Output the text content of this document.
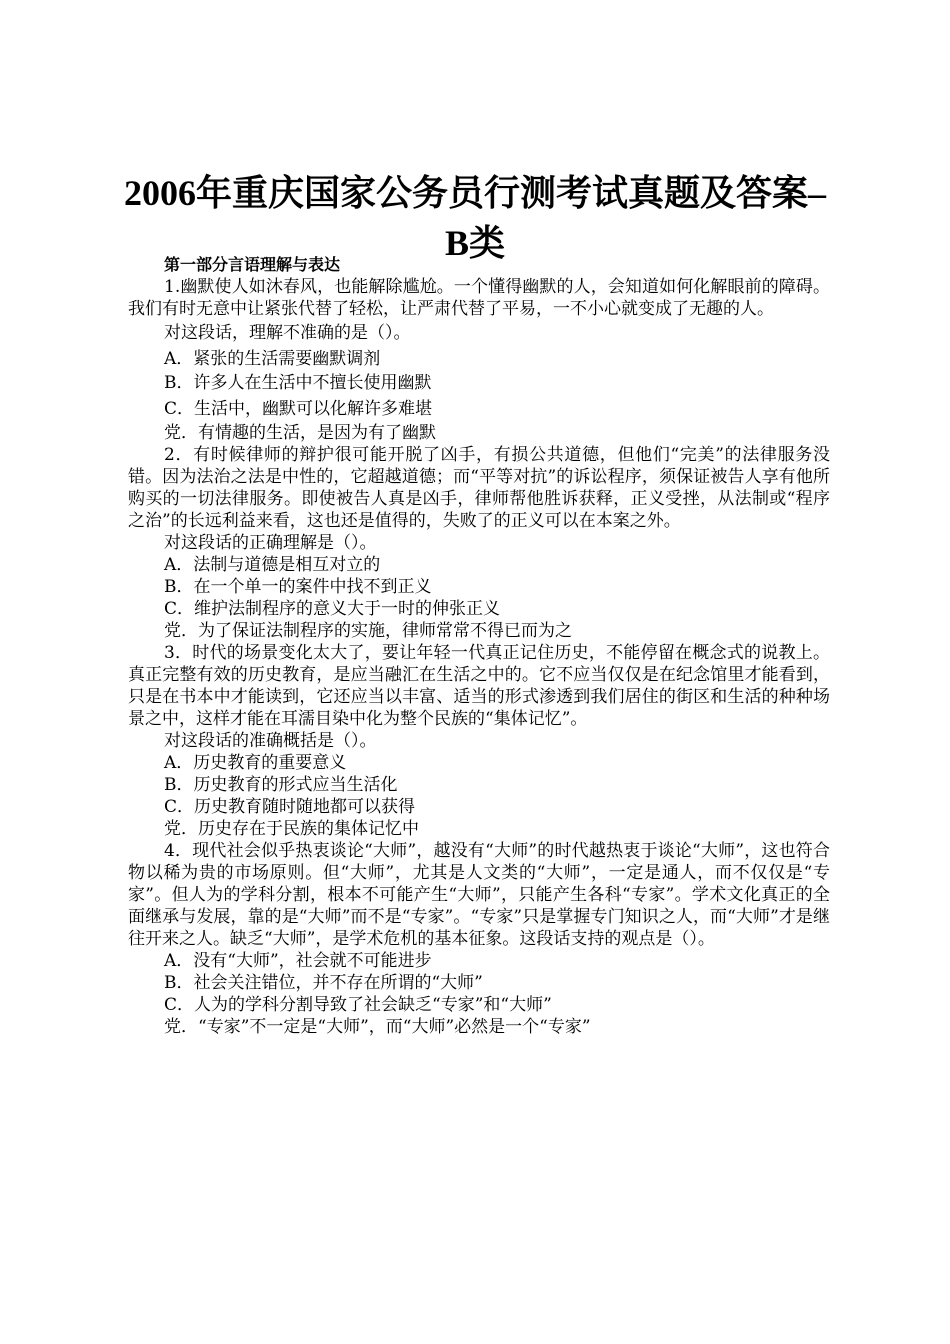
2006年重庆国家公务员行测考试真题及答案–
B类
第一部分言语理解与表达

1.幽默使人如沐春风，也能解除尴尬。一个懂得幽默的人，会知道如何化解眼前的障碍。我们有时无意中让紧张代替了轻松，让严肃代替了平易，一不小心就变成了无趣的人。

对这段话，理解不准确的是（）。

A．紧张的生活需要幽默调剂

B．许多人在生活中不擅长使用幽默

C．生活中，幽默可以化解许多难堪

党．有情趣的生活，是因为有了幽默

2．有时候律师的辩护很可能开脱了凶手，有损公共道德，但他们“完美”的法律服务没错。因为法治之法是中性的，它超越道德；而“平等对抗”的诉讼程序，须保证被告人享有他所购买的一切法律服务。即使被告人真是凶手，律师帮他胜诉获释，正义受挫，从法制或“程序之治”的长远利益来看，这也还是值得的，失败了的正义可以在本案之外。

对这段话的正确理解是（）。

A．法制与道德是相互对立的

B．在一个单一的案件中找不到正义

C．维护法制程序的意义大于一时的伸张正义

党．为了保证法制程序的实施，律师常常不得已而为之

3．时代的场景变化太大了，要让年轻一代真正记住历史，不能停留在概念式的说教上。真正完整有效的历史教育，是应当融汇在生活之中的。它不应当仅仅是在纪念馆里才能看到，只是在书本中才能读到，它还应当以丰富、适当的形式渗透到我们居住的街区和生活的种种场景之中，这样才能在耳濡目染中化为整个民族的“集体记忆”。

对这段话的准确概括是（）。

A．历史教育的重要意义

B．历史教育的形式应当生活化

C．历史教育随时随地都可以获得

党．历史存在于民族的集体记忆中

4．现代社会似乎热衷谈论“大师”，越没有“大师”的时代越热衷于谈论“大师”，这也符合物以稀为贵的市场原则。但“大师”，尤其是人文类的“大师”，一定是通人，而不仅仅是“专家”。但人为的学科分割，根本不可能产生“大师”，只能产生各科“专家”。学术文化真正的全面继承与发展，靠的是“大师”而不是“专家”。“专家”只是掌握专门知识之人，而“大师”才是继往开来之人。缺乏“大师”，是学术危机的基本征象。这段话支持的观点是（）。

A．没有“大师”，社会就不可能进步

B．社会关注错位，并不存在所谓的“大师”

C．人为的学科分割导致了社会缺乏“专家”和“大师”

党．“专家”不一定是“大师”，而“大师”必然是一个“专家”
